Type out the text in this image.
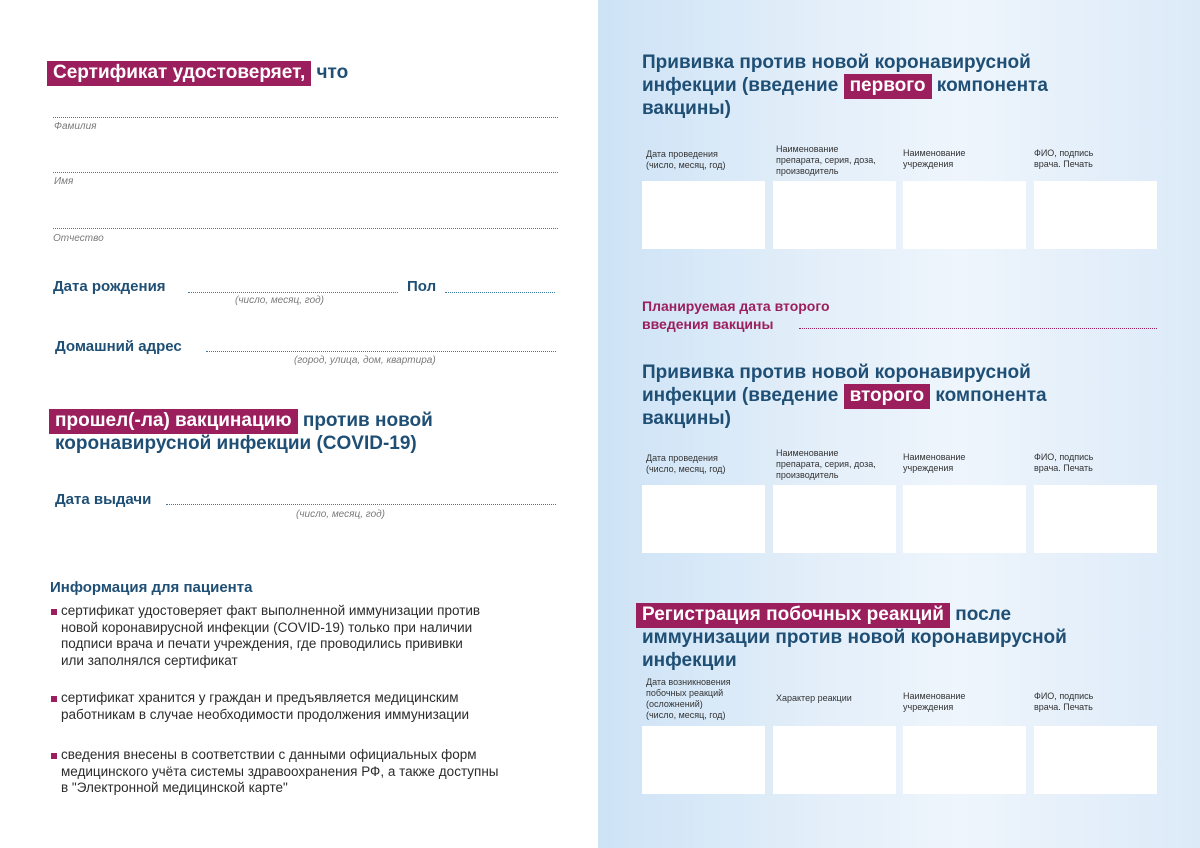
Сертификат удостоверяет, что
Фамилия
Имя
Отчество
Дата рождения
(число, месяц, год)
Пол
Домашний адрес
(город, улица, дом, квартира)
прошел(-ла) вакцинацию против новой
коронавирусной инфекции (COVID-19)
Дата выдачи
(число, месяц, год)
Информация для пациента
сертификат удостоверяет факт выполненной иммунизации против
новой коронавирусной инфекции (COVID-19) только при наличии
подписи врача и печати учреждения, где проводились прививки
или заполнялся сертификат
сертификат хранится у граждан и предъявляется медицинским
работникам в случае необходимости продолжения иммунизации
сведения внесены в соответствии с данными официальных форм
медицинского учёта системы здравоохранения РФ, а также доступны
в "Электронной медицинской карте"
Прививка против новой коронавирусной
инфекции (введение первого компонента
вакцины)
Дата проведения
(число, месяц, год)
Наименование
препарата, серия, доза,
производитель
Наименование
учреждения
ФИО, подпись
врача. Печать
Планируемая дата второго
введения вакцины
Прививка против новой коронавирусной
инфекции (введение второго компонента
вакцины)
Дата проведения
(число, месяц, год)
Наименование
препарата, серия, доза,
производитель
Наименование
учреждения
ФИО, подпись
врача. Печать
Регистрация побочных реакций после
иммунизации против новой коронавирусной
инфекции
Дата возникновения
побочных реакций
(осложнений)
(число, месяц, год)
Характер реакции	Наименование
учреждения
ФИО, подпись
врача. Печать
